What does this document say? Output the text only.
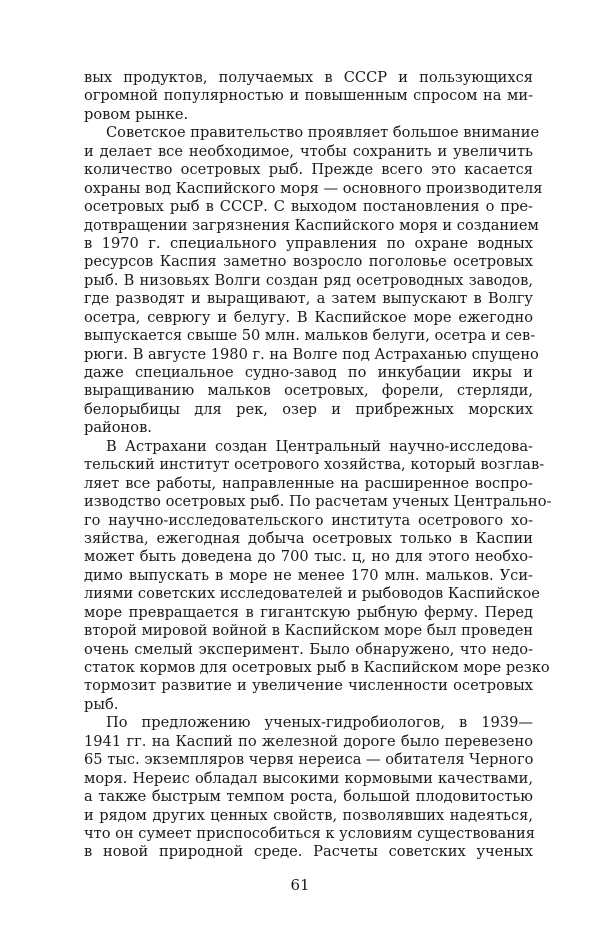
вых продуктов, получаемых в СССР и пользующихся
огромной популярностью и повышенным спросом на ми-
ровом рынке.
Советское правительство проявляет большое внимание
и делает все необходимое, чтобы сохранить и увеличить
количество осетровых рыб. Прежде всего это касается
охраны вод Каспийского моря — основного производителя
осетровых рыб в СССР. С выходом постановления о пре-
дотвращении загрязнения Каспийского моря и созданием
в 1970 г. специального управления по охране водных
ресурсов Каспия заметно возросло поголовье осетровых
рыб. В низовьях Волги создан ряд осетроводных заводов,
где разводят и выращивают, а затем выпускают в Волгу
осетра, севрюгу и белугу. В Каспийское море ежегодно
выпускается свыше 50 млн. мальков белуги, осетра и сев-
рюги. В августе 1980 г. на Волге под Астраханью спущено
даже специальное судно-завод по инкубации икры и
выращиванию мальков осетровых, форели, стерляди,
белорыбицы для рек, озер и прибрежных морских
районов.
В Астрахани создан Центральный научно-исследова-
тельский институт осетрового хозяйства, который возглав-
ляет все работы, направленные на расширенное воспро-
изводство осетровых рыб. По расчетам ученых Центрально-
го научно-исследовательского института осетрового хо-
зяйства, ежегодная добыча осетровых только в Каспии
может быть доведена до 700 тыс. ц, но для этого необхо-
димо выпускать в море не менее 170 млн. мальков. Уси-
лиями советских исследователей и рыбоводов Каспийское
море превращается в гигантскую рыбную ферму. Перед
второй мировой войной в Каспийском море был проведен
очень смелый эксперимент. Было обнаружено, что недо-
статок кормов для осетровых рыб в Каспийском море резко
тормозит развитие и увеличение численности осетровых
рыб.
По предложению ученых-гидробиологов, в 1939—
1941 гг. на Каспий по железной дороге было перевезено
65 тыс. экземпляров червя нереиса — обитателя Черного
моря. Нереис обладал высокими кормовыми качествами,
а также быстрым темпом роста, большой плодовитостью
и рядом других ценных свойств, позволявших надеяться,
что он сумеет приспособиться к условиям существования
в новой природной среде. Расчеты советских ученых
61
